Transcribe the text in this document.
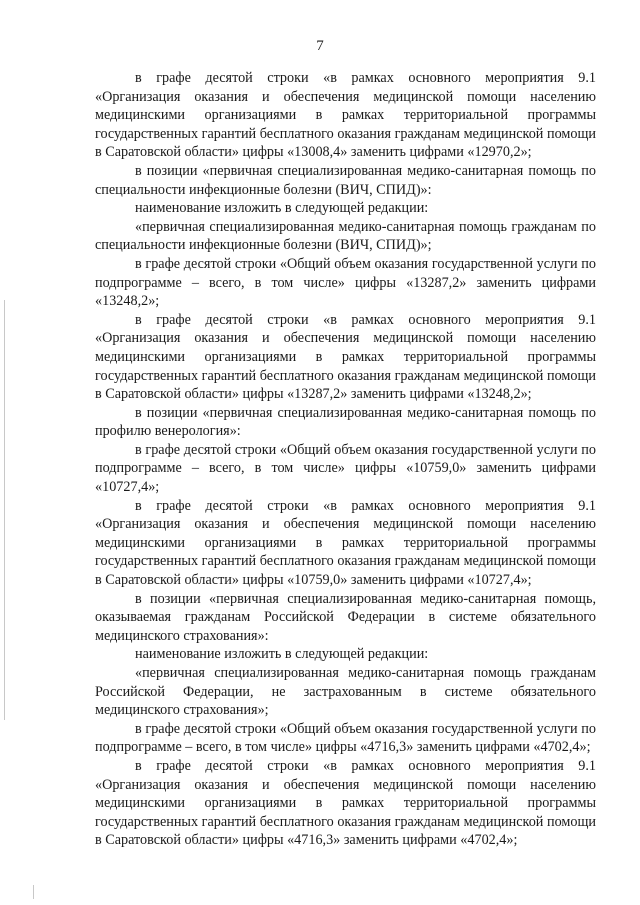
7

в графе десятой строки «в рамках основного мероприятия 9.1 «Организация оказания и обеспечения медицинской помощи населению медицинскими организациями в рамках территориальной программы государственных гарантий бесплатного оказания гражданам медицинской помощи в Саратовской области» цифры «13008,4» заменить цифрами «12970,2»;

в позиции «первичная специализированная медико-санитарная помощь по специальности инфекционные болезни (ВИЧ, СПИД)»:

наименование изложить в следующей редакции:

«первичная специализированная медико-санитарная помощь гражданам по специальности инфекционные болезни (ВИЧ, СПИД)»;

в графе десятой строки «Общий объем оказания государственной услуги по подпрограмме – всего, в том числе» цифры «13287,2» заменить цифрами «13248,2»;

в графе десятой строки «в рамках основного мероприятия 9.1 «Организация оказания и обеспечения медицинской помощи населению медицинскими организациями в рамках территориальной программы государственных гарантий бесплатного оказания гражданам медицинской помощи в Саратовской области» цифры «13287,2» заменить цифрами «13248,2»;

в позиции «первичная специализированная медико-санитарная помощь по профилю венерология»:

в графе десятой строки «Общий объем оказания государственной услуги по подпрограмме – всего, в том числе» цифры «10759,0» заменить цифрами «10727,4»;

в графе десятой строки «в рамках основного мероприятия 9.1 «Организация оказания и обеспечения медицинской помощи населению медицинскими организациями в рамках территориальной программы государственных гарантий бесплатного оказания гражданам медицинской помощи в Саратовской области» цифры «10759,0» заменить цифрами «10727,4»;

в позиции «первичная специализированная медико-санитарная помощь, оказываемая гражданам Российской Федерации в системе обязательного медицинского страхования»:

наименование изложить в следующей редакции:

«первичная специализированная медико-санитарная помощь гражданам Российской Федерации, не застрахованным в системе обязательного медицинского страхования»;

в графе десятой строки «Общий объем оказания государственной услуги по подпрограмме – всего, в том числе» цифры «4716,3» заменить цифрами «4702,4»;

в графе десятой строки «в рамках основного мероприятия 9.1 «Организация оказания и обеспечения медицинской помощи населению медицинскими организациями в рамках территориальной программы государственных гарантий бесплатного оказания гражданам медицинской помощи в Саратовской области» цифры «4716,3» заменить цифрами «4702,4»;
